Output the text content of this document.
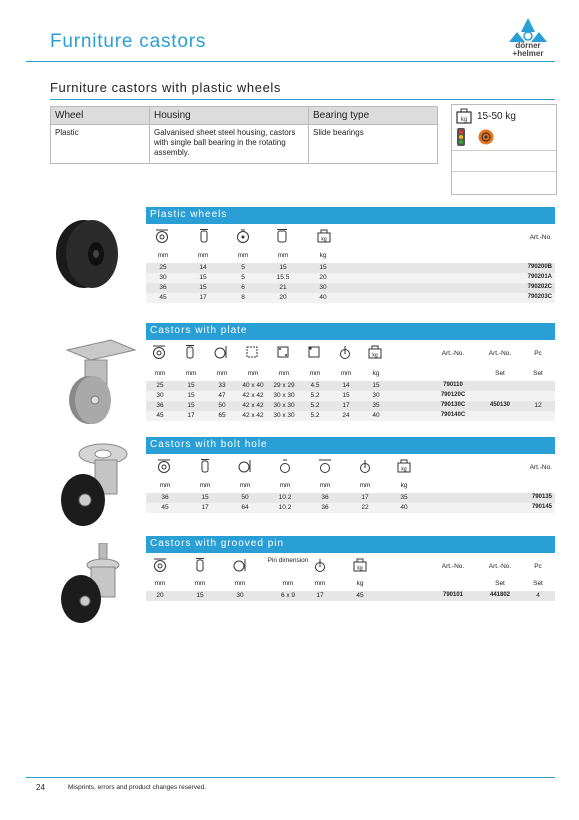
Furniture castors	dörner
+helmer
Furniture castors with plastic wheels
Wheel	Housing	Bearing type
Plastic	Galvanised sheet steel housing, castors with single ball bearing in the rotating assembly.	Slide bearings
kg 15-50 kg
Plastic wheels
kg	Art.-No.
mm	mm	mm	mm	kg
25	14	5	15	15	790200B
30	15	5	15.5	20	790201A
36	15	6	21	30	790202C
45	17	8	20	40	790203C
Castors with plate
kg	Art.-No.	Art.-No.	Pc
mm	mm	mm	mm	mm	mm	mm	kg	Set	Set
25	15	33	40 x 40	29 x 29	4.5	14	15	790110
30	15	47	42 x 42	30 x 30	5.2	15	30	790120C
36	15	50	42 x 42	30 x 30	5.2	17	35	790130C	450130	12
45	17	65	42 x 42	30 x 30	5.2	24	40	790140C
Castors with bolt hole
kg	Art.-No.
mm	mm	mm	mm	mm	mm	kg
36	15	50	10.2	36	17	35	790135
45	17	64	10.2	36	22	40	790145
Castors with grooved pin
Pin dimension
kg	Art.-No.	Art.-No.	Pc
mm	mm	mm	mm	mm	kg	Set	Set
20	15	30	6 x 9	17	45	790101	441802	4
24	Misprints, errors and product changes reserved.
